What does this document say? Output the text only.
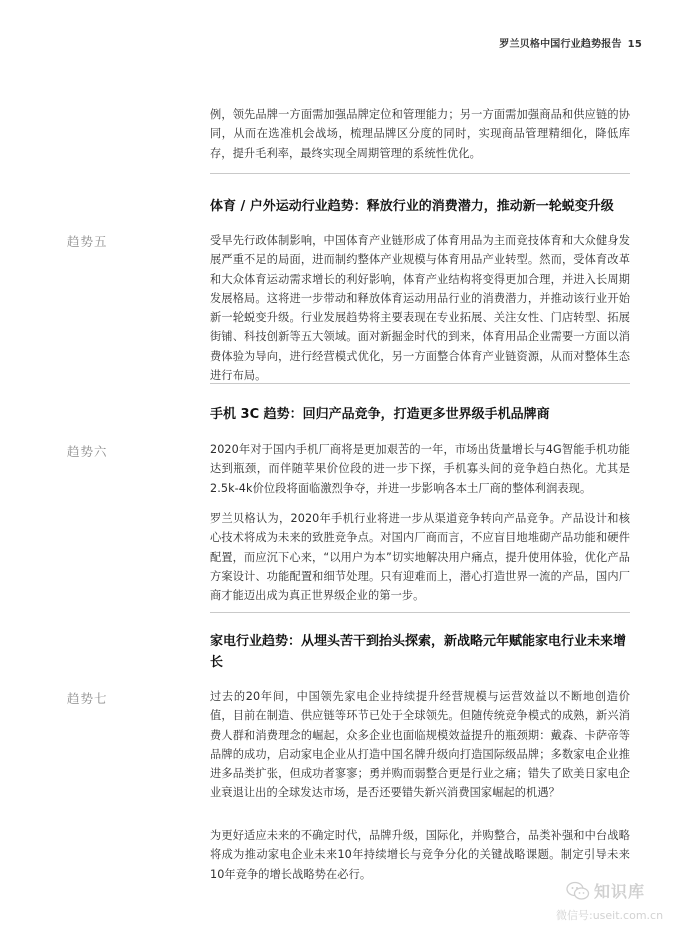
罗兰贝格中国行业趋势报告 15

例，领先品牌一方面需加强品牌定位和管理能力；另一方面需加强商品和供应链的协同，从而在选准机会战场，梳理品牌区分度的同时，实现商品管理精细化，降低库存，提升毛利率，最终实现全周期管理的系统性优化。

体育 / 户外运动行业趋势：释放行业的消费潜力，推动新一轮蜕变升级
趋势五	受早先行政体制影响，中国体育产业链形成了体育用品为主而竞技体育和大众健身发展严重不足的局面，进而制约整体产业规模与体育用品产业转型。然而，受体育改革和大众体育运动需求增长的利好影响，体育产业结构将变得更加合理，并进入长周期发展格局。这将进一步带动和释放体育运动用品行业的消费潜力，并推动该行业开始新一轮蜕变升级。行业发展趋势将主要表现在专业拓展、关注女性、门店转型、拓展街铺、科技创新等五大领域。面对新掘金时代的到来，体育用品企业需要一方面以消费体验为导向，进行经营模式优化，另一方面整合体育产业链资源，从而对整体生态进行布局。

手机 3C 趋势：回归产品竞争，打造更多世界级手机品牌商
趋势六	2020年对于国内手机厂商将是更加艰苦的一年，市场出货量增长与4G智能手机功能达到瓶颈，而伴随苹果价位段的进一步下探，手机寡头间的竞争趋白热化。尤其是2.5k-4k价位段将面临激烈争夺，并进一步影响各本土厂商的整体利润表现。

罗兰贝格认为，2020年手机行业将进一步从渠道竞争转向产品竞争。产品设计和核心技术将成为未来的致胜竞争点。对国内厂商而言，不应盲目地堆砌产品功能和硬件配置，而应沉下心来，“以用户为本”切实地解决用户痛点，提升使用体验，优化产品方案设计、功能配置和细节处理。只有迎难而上，潜心打造世界一流的产品，国内厂商才能迈出成为真正世界级企业的第一步。

家电行业趋势：从埋头苦干到抬头探索，新战略元年赋能家电行业未来增长
趋势七	过去的20年间，中国领先家电企业持续提升经营规模与运营效益以不断地创造价值，目前在制造、供应链等环节已处于全球领先。但随传统竞争模式的成熟，新兴消费人群和消费理念的崛起，众多企业也面临规模效益提升的瓶颈期：戴森、卡萨帝等品牌的成功，启动家电企业从打造中国名牌升级向打造国际级品牌；多数家电企业推进多品类扩张，但成功者寥寥；勇并购而弱整合更是行业之痛；错失了欧美日家电企业衰退让出的全球发达市场，是否还要错失新兴消费国家崛起的机遇？

为更好适应未来的不确定时代，品牌升级，国际化，并购整合，品类补强和中台战略将成为推动家电企业未来10年持续增长与竞争分化的关键战略课题。制定引导未来10年竞争的增长战略势在必行。

知识库
微信号:useit.com.cn
